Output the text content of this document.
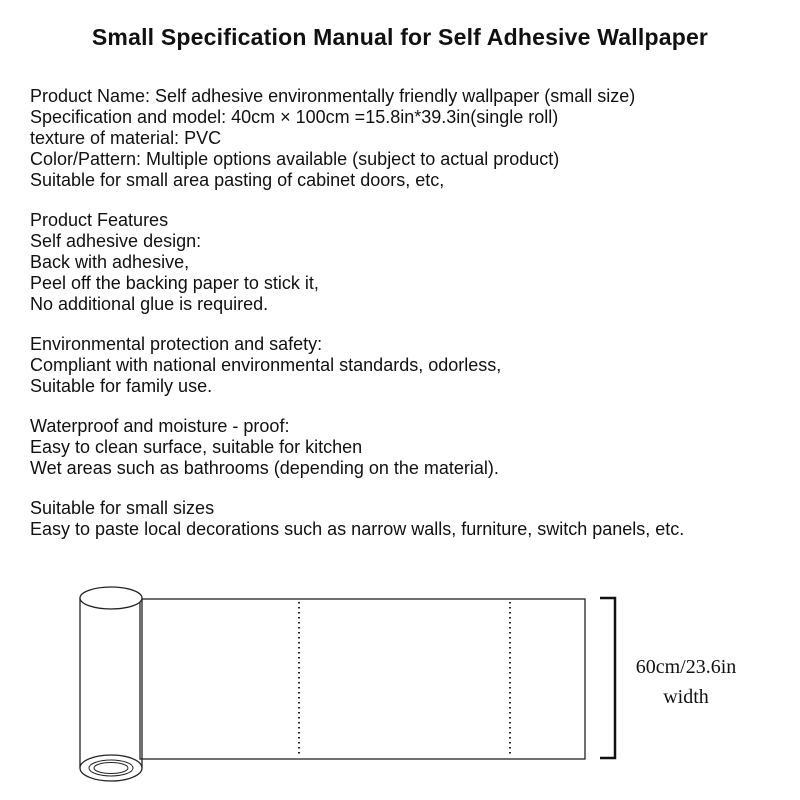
Small Specification Manual for Self Adhesive Wallpaper
Product Name: Self adhesive environmentally friendly wallpaper (small size)
Specification and model: 40cm × 100cm =15.8in*39.3in(single roll)
texture of material: PVC
Color/Pattern: Multiple options available (subject to actual product)
Suitable for small area pasting of cabinet doors, etc,
Product Features
Self adhesive design:
Back with adhesive,
Peel off the backing paper to stick it,
No additional glue is required.
Environmental protection and safety:
Compliant with national environmental standards, odorless,
Suitable for family use.
Waterproof and moisture - proof:
Easy to clean surface, suitable for kitchen
Wet areas such as bathrooms (depending on the material).
Suitable for small sizes
Easy to paste local decorations such as narrow walls, furniture, switch panels, etc.
60cm/23.6in
width
